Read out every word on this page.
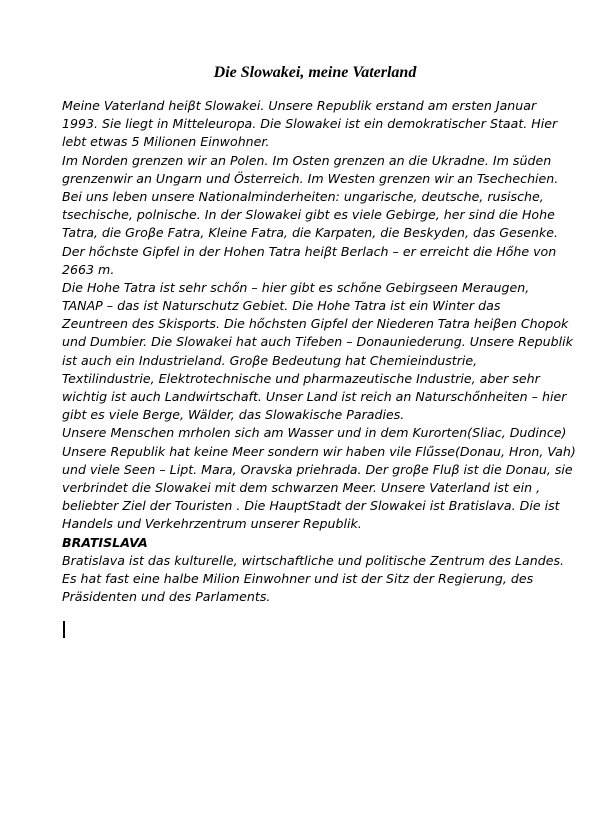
Die Slowakei, meine Vaterland
Meine Vaterland heiβt Slowakei. Unsere Republik erstand am ersten Januar
1993. Sie liegt in Mitteleuropa. Die Slowakei ist ein demokratischer Staat. Hier
lebt etwas 5 Milionen Einwohner.
Im Norden grenzen wir an Polen. Im Osten grenzen an die Ukradne. Im süden
grenzenwir an Ungarn und Österreich. Im Westen grenzen wir an Tsechechien.
Bei uns leben unsere Nationalminderheiten: ungarische, deutsche, rusische,
tsechische, polnische. In der Slowakei gibt es viele Gebirge, her sind die Hohe
Tatra, die Groβe Fatra, Kleine Fatra, die Karpaten, die Beskyden, das Gesenke.
Der hőchste Gipfel in der Hohen Tatra heiβt Berlach – er erreicht die Hőhe von
2663 m.
Die Hohe Tatra ist sehr schőn – hier gibt es schőne Gebirgseen Meraugen,
TANAP – das ist Naturschutz Gebiet. Die Hohe Tatra ist ein Winter das
Zeuntreen des Skisports. Die hőchsten Gipfel der Niederen Tatra heiβen Chopok
und Dumbier. Die Slowakei hat auch Tifeben – Donauniederung. Unsere Republik
ist auch ein Industrieland. Groβe Bedeutung hat Chemieindustrie,
Textilindustrie, Elektrotechnische und pharmazeutische Industrie, aber sehr
wichtig ist auch Landwirtschaft. Unser Land ist reich an Naturschőnheiten – hier
gibt es viele Berge, Wälder, das Slowakische Paradies.
Unsere Menschen mrholen sich am Wasser und in dem Kurorten(Sliac, Dudince)
Unsere Republik hat keine Meer sondern wir haben vile Flűsse(Donau, Hron, Vah)
und viele Seen – Lipt. Mara, Oravska priehrada. Der groβe Fluβ ist die Donau, sie
verbrindet die Slowakei mit dem schwarzen Meer. Unsere Vaterland ist ein ,
beliebter Ziel der Touristen . Die HauptStadt der Slowakei ist Bratislava. Die ist
Handels und Verkehrzentrum unserer Republik.
BRATISLAVA
Bratislava ist das kulturelle, wirtschaftliche und politische Zentrum des Landes.
Es hat fast eine halbe Milion Einwohner und ist der Sitz der Regierung, des
Präsidenten und des Parlaments.
